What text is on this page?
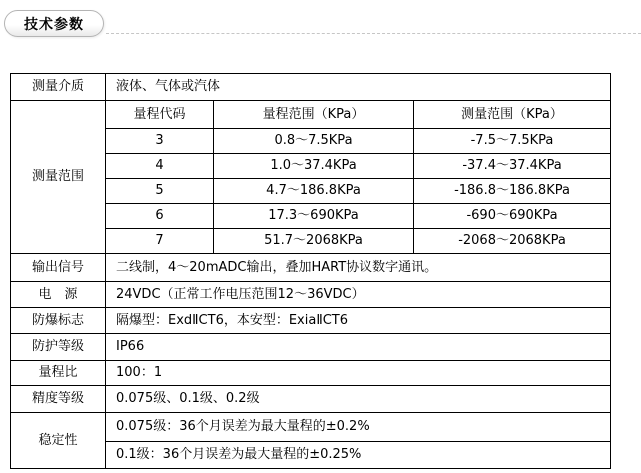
技术参数
测量介质	液体、气体或汽体		
测量范围	量程代码	量程范围（KPa）	测量范围（KPa）
	3	0.8～7.5KPa	-7.5～7.5KPa
	4	1.0～37.4KPa	-37.4～37.4KPa
	5	4.7～186.8KPa	-186.8～186.8KPa
	6	17.3～690KPa	-690～690KPa
	7	51.7～2068KPa	-2068～2068KPa
输出信号	二线制，4～20mADC输出，叠加HART协议数字通讯。		
电　源	24VDC（正常工作电压范围12～36VDC）		
防爆标志	隔爆型：ExdⅡCT6，本安型：ExiaⅡCT6		
防护等级	IP66		
量程比	100：1		
精度等级	0.075级、0.1级、0.2级		
稳定性	0.075级：36个月误差为最大量程的±0.2%		
	0.1级：36个月误差为最大量程的±0.25%		
